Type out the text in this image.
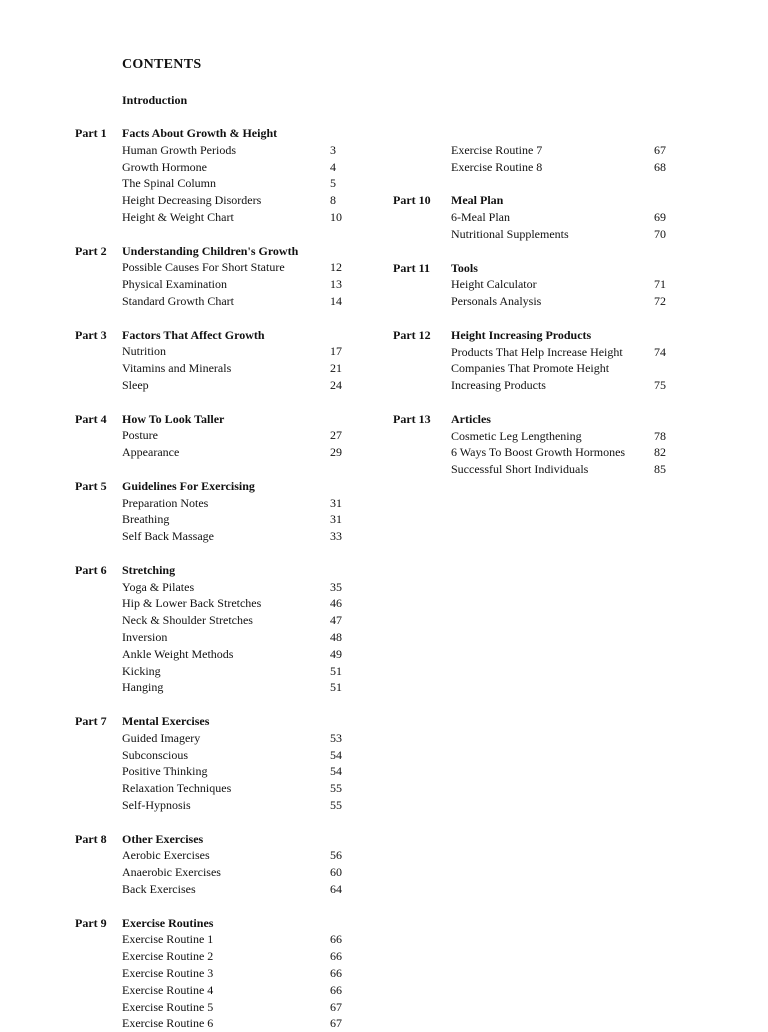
CONTENTS
Introduction
Part 1 Facts About Growth & Height
Human Growth Periods	3
Growth Hormone	4
The Spinal Column	5
Height Decreasing Disorders	8
Height & Weight Chart	10
Part 2 Understanding Children's Growth
Possible Causes For Short Stature	12
Physical Examination	13
Standard Growth Chart	14
Part 3 Factors That Affect Growth
Nutrition	17
Vitamins and Minerals	21
Sleep	24
Part 4 How To Look Taller
Posture	27
Appearance	29
Part 5 Guidelines For Exercising
Preparation Notes	31
Breathing	31
Self Back Massage	33
Part 6 Stretching
Yoga & Pilates	35
Hip & Lower Back Stretches	46
Neck & Shoulder Stretches	47
Inversion	48
Ankle Weight Methods	49
Kicking	51
Hanging	51
Part 7 Mental Exercises
Guided Imagery	53
Subconscious	54
Positive Thinking	54
Relaxation Techniques	55
Self-Hypnosis	55
Part 8 Other Exercises
Aerobic Exercises	56
Anaerobic Exercises	60
Back Exercises	64
Part 9 Exercise Routines
Exercise Routine 1	66
Exercise Routine 2	66
Exercise Routine 3	66
Exercise Routine 4	66
Exercise Routine 5	67
Exercise Routine 6	67
Exercise Routine 7	67
Exercise Routine 8	68
Part 10 Meal Plan
6-Meal Plan	69
Nutritional Supplements	70
Part 11 Tools
Height Calculator	71
Personals Analysis	72
Part 12 Height Increasing Products
Products That Help Increase Height	74
Companies That Promote Height
Increasing Products	75
Part 13 Articles
Cosmetic Leg Lengthening	78
6 Ways To Boost Growth Hormones 82
Successful Short Individuals	85
